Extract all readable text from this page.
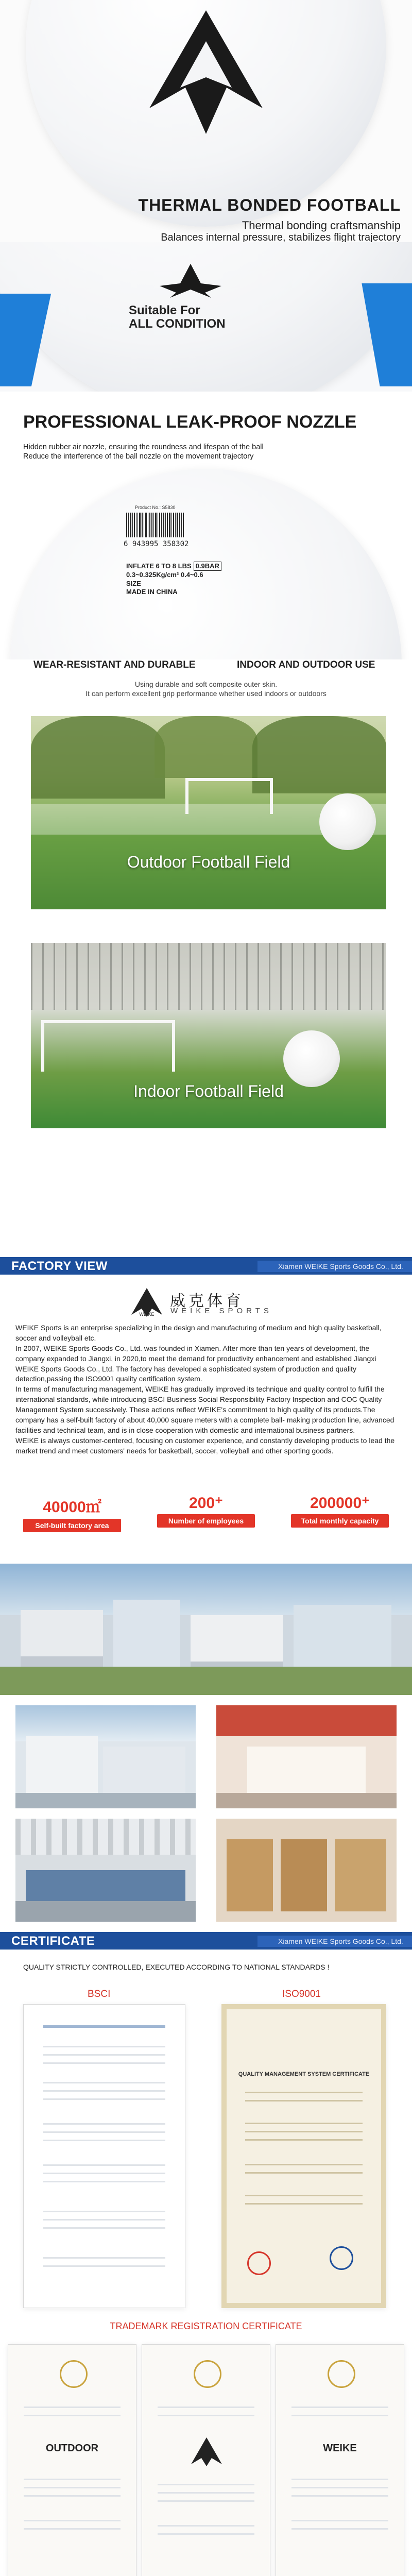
THERMAL BONDED FOOTBALL
Thermal bonding craftsmanship
Balances internal pressure, stabilizes flight trajectory
Suitable For
ALL CONDITION
PROFESSIONAL LEAK-PROOF NOZZLE
Hidden rubber air nozzle, ensuring the roundness and lifespan of the ball
Reduce the interference of the ball nozzle on the movement trajectory
Product No.: S5830
6 943995 358302
INFLATE 6 TO 8 LBS 0.9BAR
0.3~0.325Kg/cm² 0.4~0.6
SIZE
MADE IN CHINA
WEAR-RESISTANT AND DURABLE	INDOOR AND OUTDOOR USE
Using durable and soft composite outer skin.
It can perform excellent grip performance whether used indoors or outdoors
Outdoor Football Field
Indoor Football Field
FACTORY VIEW	Xiamen WEIKE Sports Goods Co., Ltd.
WEIKE
威克体育
WEIKE SPORTS

WEIKE Sports is an enterprise specializing in the design and manufacturing of medium and high quality basketball, soccer and volleyball etc.

In 2007, WEIKE Sports Goods Co., Ltd. was founded in Xiamen. After more than ten years of development, the company expanded to Jiangxi, in 2020,to meet the demand for productivity enhancement and established Jiangxi WEIKE Sports Goods Co., Ltd. The factory has developed a sophisticated system of production and quality detection,passing the ISO9001 quality certification system.

In terms of manufacturing management, WEIKE has gradually improved its technique and quality control to fulfill the international standards, while introducing BSCI Business Social Responsibility Factory Inspection and COC Quality Management System successively. These actions reflect WEIKE's commitment to high quality of its products.The company has a self-built factory of about 40,000 square meters with a complete ball- making production line, advanced facilities and technical team, and is in close cooperation with domestic and international business partners.

WEIKE is always customer-centered, focusing on customer experience, and constantly developing products to lead the market trend and meet customers' needs for basketball, soccer, volleyball and other sporting goods.

40000㎡
Self-built factory area
200⁺
Number of employees
200000⁺
Total monthly capacity
CERTIFICATE	Xiamen WEIKE Sports Goods Co., Ltd.
QUALITY STRICTLY CONTROLLED, EXECUTED ACCORDING TO NATIONAL STANDARDS !
BSCI	ISO9001
QUALITY MANAGEMENT SYSTEM CERTIFICATE
TRADEMARK REGISTRATION CERTIFICATE
OUTDOOR	WEIKE
